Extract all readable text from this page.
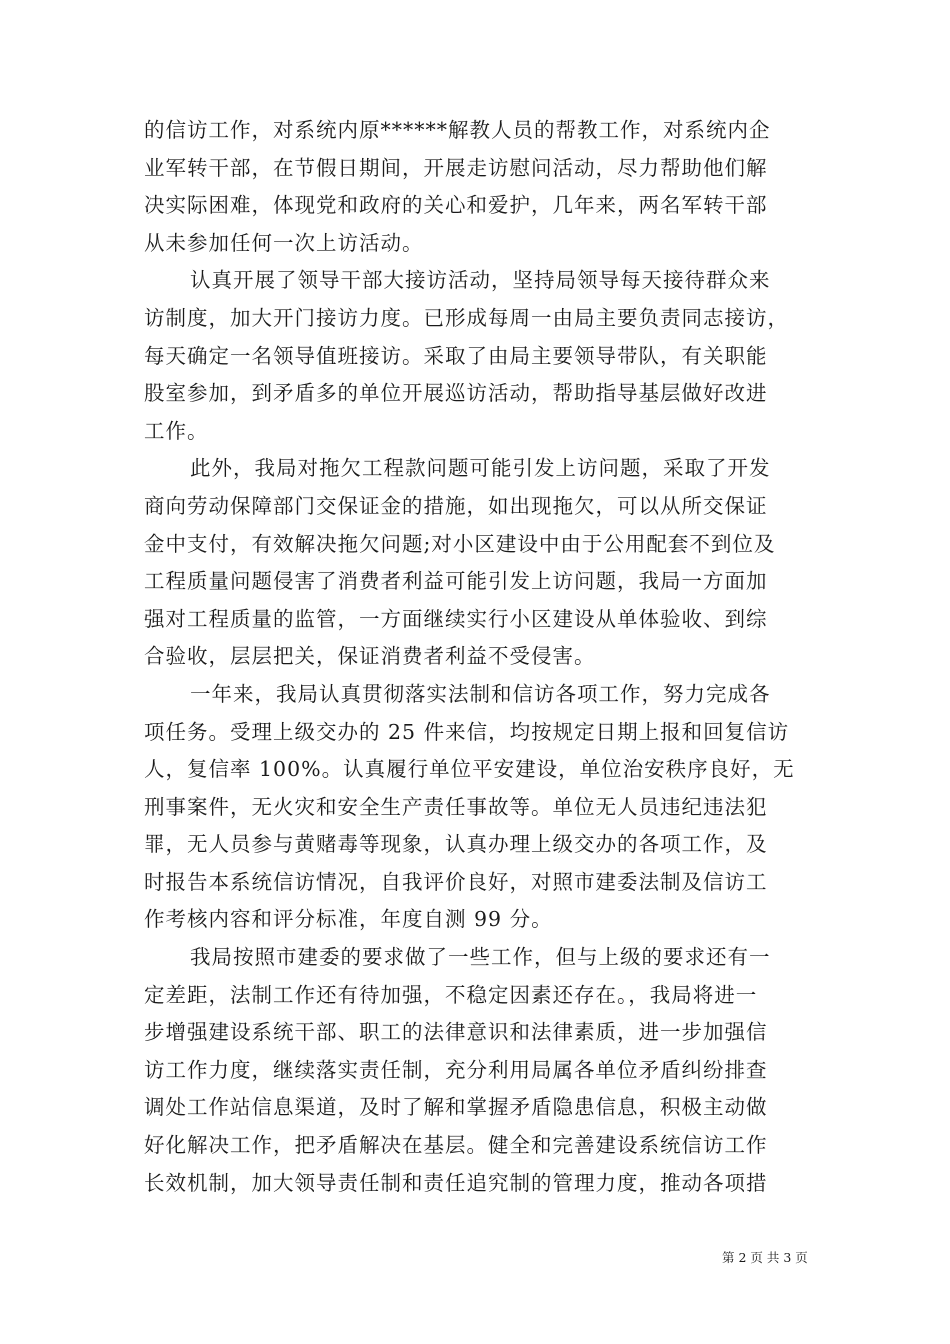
的信访工作，对系统内原******解教人员的帮教工作，对系统内企
业军转干部，在节假日期间，开展走访慰问活动，尽力帮助他们解
决实际困难，体现党和政府的关心和爱护，几年来，两名军转干部
从未参加任何一次上访活动。
认真开展了领导干部大接访活动，坚持局领导每天接待群众来
访制度，加大开门接访力度。已形成每周一由局主要负责同志接访，
每天确定一名领导值班接访。采取了由局主要领导带队，有关职能
股室参加，到矛盾多的单位开展巡访活动，帮助指导基层做好改进
工作。
此外，我局对拖欠工程款问题可能引发上访问题，采取了开发
商向劳动保障部门交保证金的措施，如出现拖欠，可以从所交保证
金中支付，有效解决拖欠问题;对小区建设中由于公用配套不到位及
工程质量问题侵害了消费者利益可能引发上访问题，我局一方面加
强对工程质量的监管，一方面继续实行小区建设从单体验收、到综
合验收，层层把关，保证消费者利益不受侵害。
一年来，我局认真贯彻落实法制和信访各项工作，努力完成各
项任务。受理上级交办的 25 件来信，均按规定日期上报和回复信访
人，复信率 100%。认真履行单位平安建设，单位治安秩序良好，无
刑事案件，无火灾和安全生产责任事故等。单位无人员违纪违法犯
罪，无人员参与黄赌毒等现象，认真办理上级交办的各项工作，及
时报告本系统信访情况，自我评价良好，对照市建委法制及信访工
作考核内容和评分标准，年度自测 99 分。
我局按照市建委的要求做了一些工作，但与上级的要求还有一
定差距，法制工作还有待加强，不稳定因素还存在。，我局将进一
步增强建设系统干部、职工的法律意识和法律素质，进一步加强信
访工作力度，继续落实责任制，充分利用局属各单位矛盾纠纷排查
调处工作站信息渠道，及时了解和掌握矛盾隐患信息，积极主动做
好化解决工作，把矛盾解决在基层。健全和完善建设系统信访工作
长效机制，加大领导责任制和责任追究制的管理力度，推动各项措
第 2 页 共 3 页
